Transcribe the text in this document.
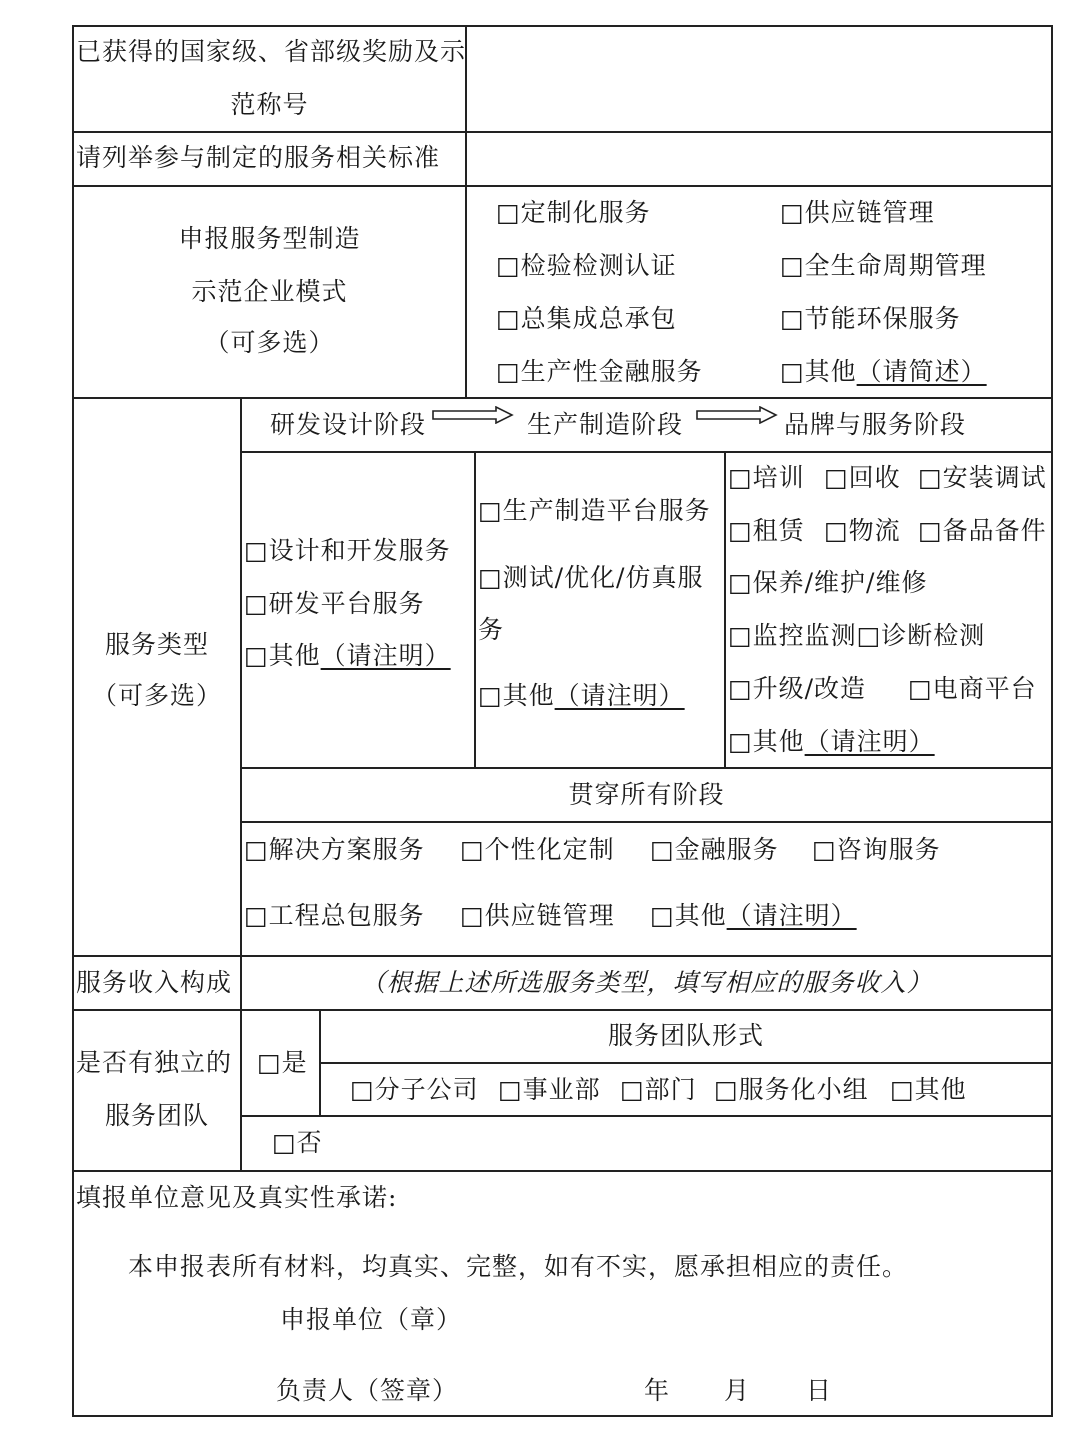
已获得的国家级、省部级奖励及示
范称号
请列举参与制定的服务相关标准
申报服务型制造
示范企业模式
（可多选）
□定制化服务	□供应链管理
□检验检测认证	□全生命周期管理
□总集成总承包	□节能环保服务
□生产性金融服务	□其他（请简述）
服务类型
（可多选）
研发设计阶段	生产制造阶段	品牌与服务阶段
□设计和开发服务
□研发平台服务
□其他（请注明）
□生产制造平台服务
□测试/优化/仿真服
务
□其他（请注明）
□培训 □回收 □安装调试
□租赁 □物流 □备品备件
□保养/维护/维修
□监控监测□诊断检测
□升级/改造 □电商平台
□其他（请注明）
贯穿所有阶段
□解决方案服务 □个性化定制 □金融服务 □咨询服务
□工程总包服务 □供应链管理 □其他（请注明）
服务收入构成	（根据上述所选服务类型，填写相应的服务收入）
是否有独立的
服务团队
□是
服务团队形式
□分子公司 □事业部 □部门 □服务化小组 □其他
□否
填报单位意见及真实性承诺:
本申报表所有材料，均真实、完整，如有不实，愿承担相应的责任。
申报单位（章）
负责人（签章）	年 月 日
